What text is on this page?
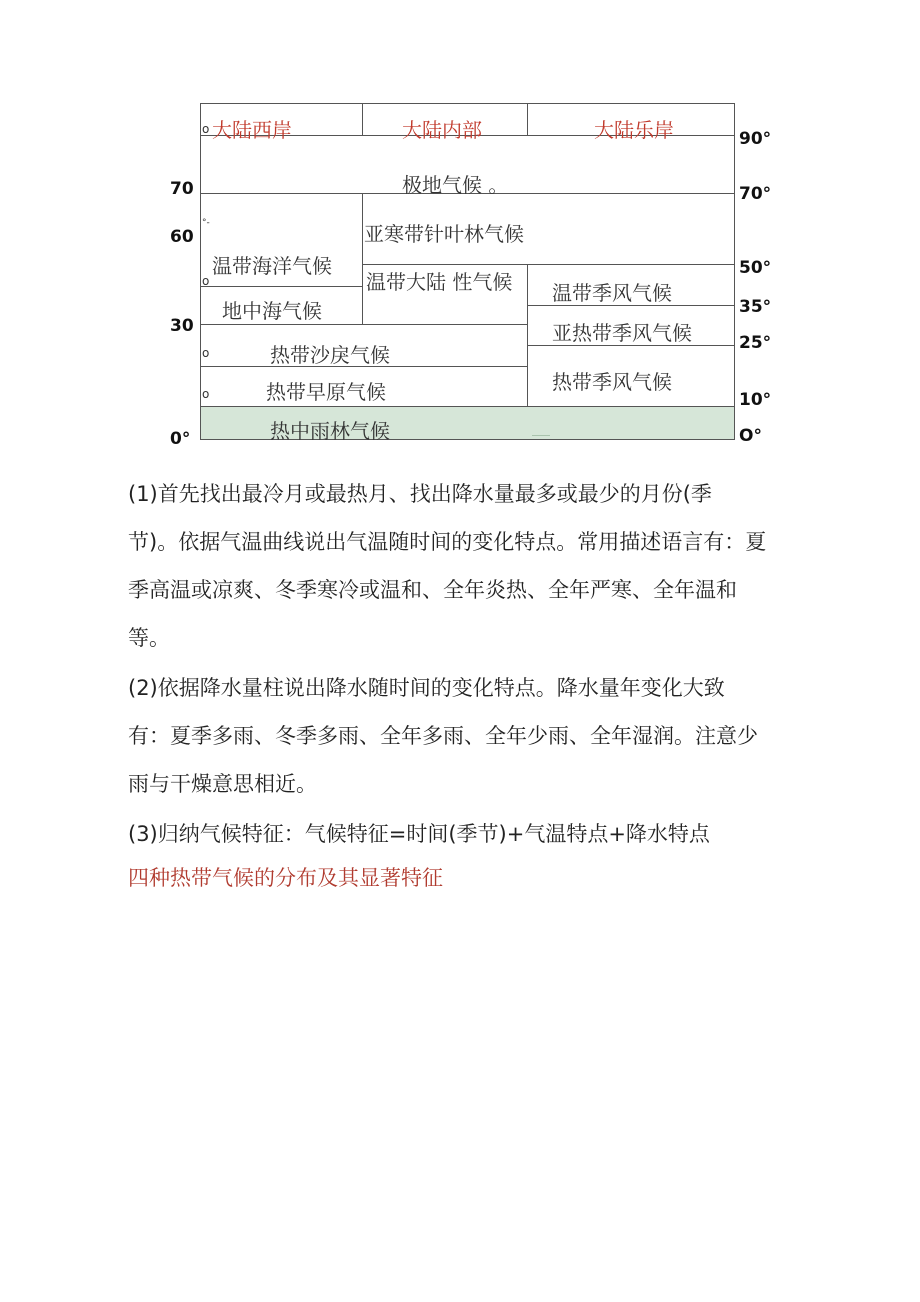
大陆西岸	大陆内部	大陆乐岸
o
°-
o
o
o
极地气候 。
亚寒带针叶林气候
温带海洋气候
温带大陆 性气候 温带季风气候
地中海气候
亚热带季风气候
热带沙戾气候
热带季风气候
热带早原气候
热中雨林气候
70
60
30
0°
90°
70°
50°
35°
25°
10°
O°
(1)首先找出最冷月或最热月、找出降水量最多或最少的月份(季
节)。依据气温曲线说出气温随时间的变化特点。常用描述语言有：夏
季高温或凉爽、冬季寒冷或温和、全年炎热、全年严寒、全年温和
等。
(2)依据降水量柱说出降水随时间的变化特点。降水量年变化大致
有：夏季多雨、冬季多雨、全年多雨、全年少雨、全年湿润。注意少
雨与干燥意思相近。
(3)归纳气候特征：气候特征=时间(季节)+气温特点+降水特点
四种热带气候的分布及其显著特征
